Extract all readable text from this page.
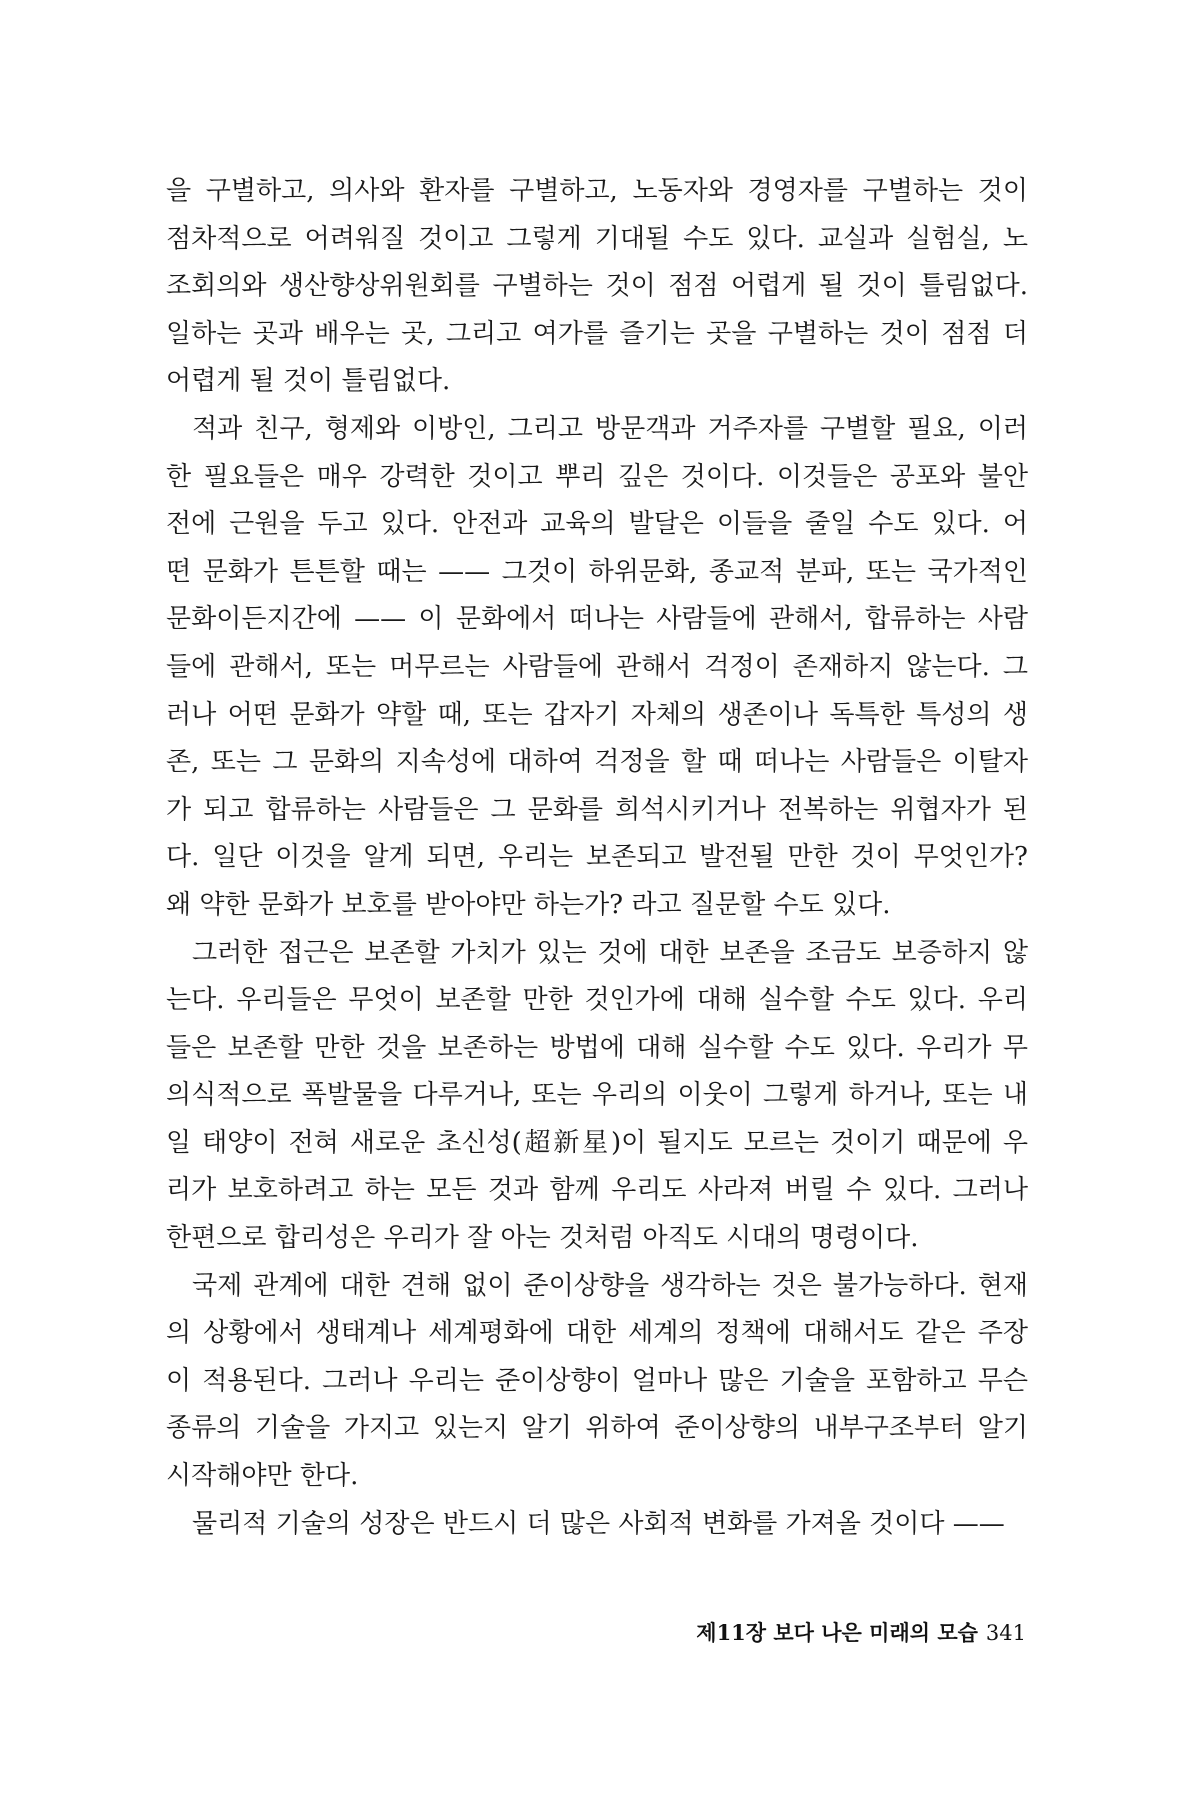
을 구별하고, 의사와 환자를 구별하고, 노동자와 경영자를 구별하는 것이
점차적으로 어려워질 것이고 그렇게 기대될 수도 있다. 교실과 실험실, 노
조회의와 생산향상위원회를 구별하는 것이 점점 어렵게 될 것이 틀림없다.
일하는 곳과 배우는 곳, 그리고 여가를 즐기는 곳을 구별하는 것이 점점 더
어렵게 될 것이 틀림없다.
적과 친구, 형제와 이방인, 그리고 방문객과 거주자를 구별할 필요, 이러
한 필요들은 매우 강력한 것이고 뿌리 깊은 것이다. 이것들은 공포와 불안
전에 근원을 두고 있다. 안전과 교육의 발달은 이들을 줄일 수도 있다. 어
떤 문화가 튼튼할 때는 —— 그것이 하위문화, 종교적 분파, 또는 국가적인
문화이든지간에 —— 이 문화에서 떠나는 사람들에 관해서, 합류하는 사람
들에 관해서, 또는 머무르는 사람들에 관해서 걱정이 존재하지 않는다. 그
러나 어떤 문화가 약할 때, 또는 갑자기 자체의 생존이나 독특한 특성의 생
존, 또는 그 문화의 지속성에 대하여 걱정을 할 때 떠나는 사람들은 이탈자
가 되고 합류하는 사람들은 그 문화를 희석시키거나 전복하는 위협자가 된
다. 일단 이것을 알게 되면, 우리는 보존되고 발전될 만한 것이 무엇인가?
왜 약한 문화가 보호를 받아야만 하는가? 라고 질문할 수도 있다.
그러한 접근은 보존할 가치가 있는 것에 대한 보존을 조금도 보증하지 않
는다. 우리들은 무엇이 보존할 만한 것인가에 대해 실수할 수도 있다. 우리
들은 보존할 만한 것을 보존하는 방법에 대해 실수할 수도 있다. 우리가 무
의식적으로 폭발물을 다루거나, 또는 우리의 이웃이 그렇게 하거나, 또는 내
일 태양이 전혀 새로운 초신성(超新星)이 될지도 모르는 것이기 때문에 우
리가 보호하려고 하는 모든 것과 함께 우리도 사라져 버릴 수 있다. 그러나
한편으로 합리성은 우리가 잘 아는 것처럼 아직도 시대의 명령이다.
국제 관계에 대한 견해 없이 준이상향을 생각하는 것은 불가능하다. 현재
의 상황에서 생태계나 세계평화에 대한 세계의 정책에 대해서도 같은 주장
이 적용된다. 그러나 우리는 준이상향이 얼마나 많은 기술을 포함하고 무슨
종류의 기술을 가지고 있는지 알기 위하여 준이상향의 내부구조부터 알기
시작해야만 한다.
물리적 기술의 성장은 반드시 더 많은 사회적 변화를 가져올 것이다 ——
제11장 보다 나은 미래의 모습 341
